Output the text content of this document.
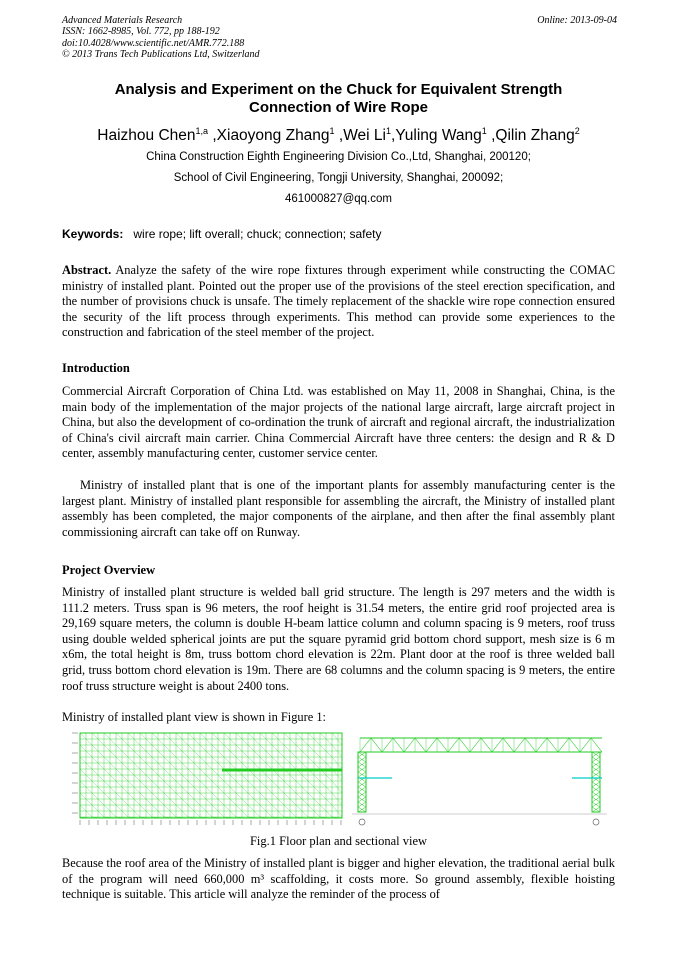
Advanced Materials Research
ISSN: 1662-8985, Vol. 772, pp 188-192
doi:10.4028/www.scientific.net/AMR.772.188
© 2013 Trans Tech Publications Ltd, Switzerland
Online: 2013-09-04
Analysis and Experiment on the Chuck for Equivalent Strength
Connection of Wire Rope
Haizhou Chen$^{1,a}$ ,Xiaoyong Zhang$^1$ ,Wei Li$^1$,Yuling Wang$^1$ ,Qilin Zhang$^2$
China Construction Eighth Engineering Division Co.,Ltd, Shanghai, 200120;
School of Civil Engineering, Tongji University, Shanghai, 200092;
461000827@qq.com
Keywords: wire rope; lift overall; chuck; connection; safety
Abstract. Analyze the safety of the wire rope fixtures through experiment while constructing the COMAC ministry of installed plant. Pointed out the proper use of the provisions of the steel erection specification, and the number of provisions chuck is unsafe. The timely replacement of the shackle wire rope connection ensured the security of the lift process through experiments. This method can provide some experiences to the construction and fabrication of the steel member of the project.
Introduction
Commercial Aircraft Corporation of China Ltd. was established on May 11, 2008 in Shanghai, China, is the main body of the implementation of the major projects of the national large aircraft, large aircraft project in China, but also the development of co-ordination the trunk of aircraft and regional aircraft, the industrialization of China's civil aircraft main carrier. China Commercial Aircraft have three centers: the design and R & D center, assembly manufacturing center, customer service center.
Ministry of installed plant that is one of the important plants for assembly manufacturing center is the largest plant. Ministry of installed plant responsible for assembling the aircraft, the Ministry of installed plant assembly has been completed, the major components of the airplane, and then after the final assembly plant commissioning aircraft can take off on Runway.
Project Overview
Ministry of installed plant structure is welded ball grid structure. The length is 297 meters and the width is 111.2 meters. Truss span is 96 meters, the roof height is 31.54 meters, the entire grid roof projected area is 29,169 square meters, the column is double H-beam lattice column and column spacing is 9 meters, roof truss using double welded spherical joints are put the square pyramid grid bottom chord support, mesh size is 6 m x6m, the total height is 8m, truss bottom chord elevation is 22m. Plant door at the roof is three welded ball grid, truss bottom chord elevation is 19m. There are 68 columns and the column spacing is 9 meters, the entire roof truss structure weight is about 2400 tons.
Ministry of installed plant view is shown in Figure 1:
Fig.1 Floor plan and sectional view
Because the roof area of the Ministry of installed plant is bigger and higher elevation, the traditional aerial bulk of the program will need 660,000 m³ scaffolding, it costs more. So ground assembly, flexible hoisting technique is suitable. This article will analyze the reminder of the process of
